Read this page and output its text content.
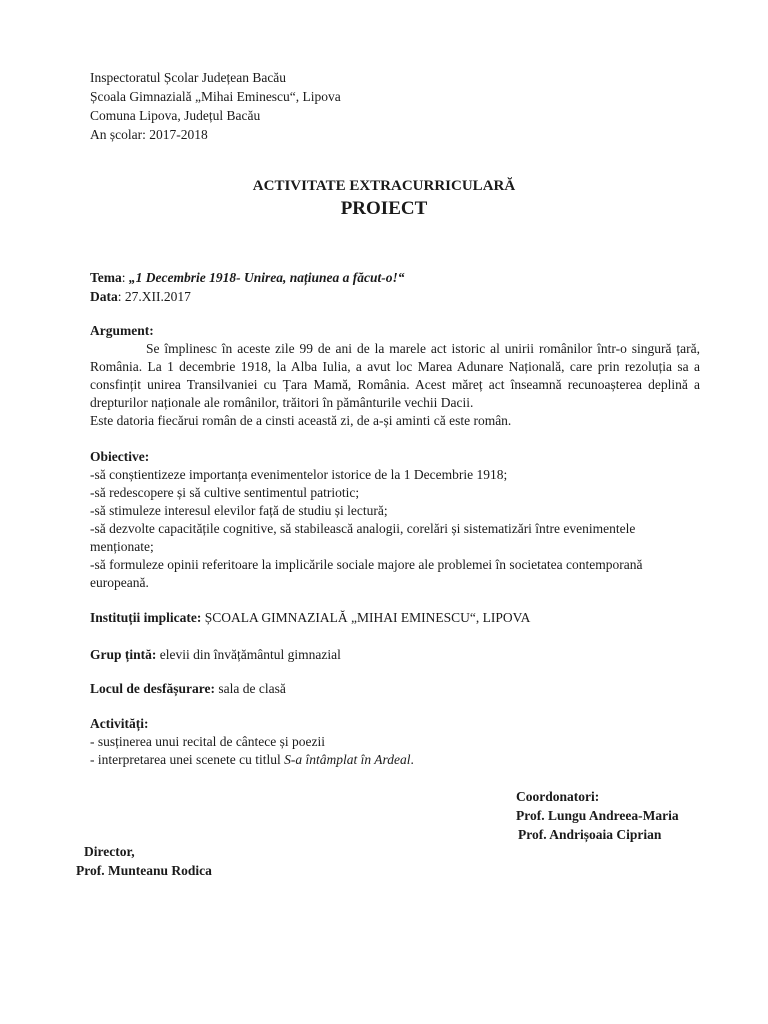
Inspectoratul Școlar Județean Bacău
Școala Gimnazială „Mihai Eminescu“, Lipova
Comuna Lipova, Județul Bacău
An școlar: 2017-2018
ACTIVITATE EXTRACURRICULARĂ
PROIECT
Tema: „1 Decembrie 1918- Unirea, națiunea a făcut-o!“
Data: 27.XII.2017
Argument:
Se împlinesc în aceste zile 99 de ani de la marele act istoric al unirii românilor într-o singură țară, România. La 1 decembrie 1918, la Alba Iulia, a avut loc Marea Adunare Națională, care prin rezoluția sa a consfințit unirea Transilvaniei cu Țara Mamă, România. Acest măreț act înseamnă recunoașterea deplină a drepturilor naționale ale românilor, trăitori în pământurile vechii Dacii.
Este datoria fiecărui român de a cinsti această zi, de a-și aminti că este român.
Obiective:
-să conștientizeze importanța evenimentelor istorice de la 1 Decembrie 1918;
-să redescopere și să cultive sentimentul patriotic;
-să stimuleze interesul elevilor față de studiu și lectură;
-să dezvolte capacitățile cognitive, să stabilească analogii, corelări și sistematizări între evenimentele menționate;
-să formuleze opinii referitoare la implicările sociale majore ale problemei în societatea contemporană europeană.
Instituții implicate: ȘCOALA GIMNAZIALĂ „MIHAI EMINESCU“, LIPOVA
Grup țintă: elevii din învățământul gimnazial
Locul de desfășurare: sala de clasă
Activități:
- susținerea unui recital de cântece și poezii
- interpretarea unei scenete cu titlul S-a întâmplat în Ardeal.
Coordonatori:
Prof. Lungu Andreea-Maria
Prof. Andrișoaia Ciprian
Director,
Prof. Munteanu Rodica
